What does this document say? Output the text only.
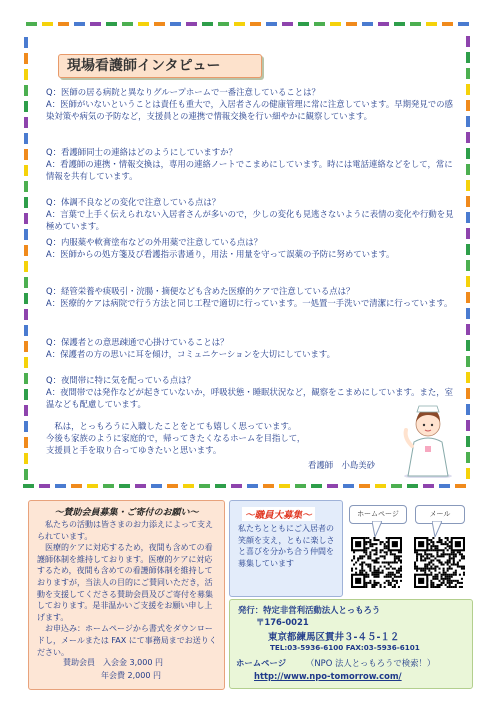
現場看護師インタピュー

Q：医師の居る病院と異なりグループホームで一番注意していることは？

A：医師がいないということは責任も重大で，入居者さんの健康管理に常に注意しています。早期発見での感染対策や病気の予防など，支援員との連携で情報交換を行い細やかに観察しています。

Q：看護師同士の連絡はどのようにしていますか？

A：看護師の連携・情報交換は，専用の連絡ノートでこまめにしています。時には電話連絡などをして，常に情報を共有しています。

Q：体調不良などの変化で注意している点は？

A：言葉で上手く伝えられない入居者さんが多いので，少しの変化も見逃さないように表情の変化や行動を見極めています。

Q：内服薬や軟膏塗布などの外用薬で注意している点は？

A：医師からの処方箋及び看護指示書通り，用法・用量を守って誤薬の予防に努めています。

Q：経管栄養や痰吸引・浣腸・摘便なども含めた医療的ケアで注意している点は？

A：医療的ケアは病院で行う方法と同じ工程で適切に行っています。一処置一手洗いで清潔に行っています。

Q：保護者との意思疎通で心掛けていることは？

A：保護者の方の思いに耳を傾け，コミュニケーションを大切にしています。

Q：夜間帯に特に気を配っている点は？

A：夜間帯では発作などが起きていないか，呼吸状態・睡眠状況など，観察をこまめにしています。また，室温なども配慮しています。

　私は，とっもろうに入職したことをとても嬉しく思っています。

今後も家族のように家庭的で，帰ってきたくなるホームを目指して，

支援員と手を取り合ってゆきたいと思います。

看護師　小島美砂
〜賛助会員募集・ご寄付のお願い〜

　私たちの活動は皆さまのお力添えによって支えられています。

　医療的ケアに対応するため，夜間も含めての看護師体制を維持しております。医療的ケアに対応するため，夜間も含めての看護師体制を維持しておりますが，当法人の目的にご賛同いただき，活動を支援してくださる賛助会員及びご寄付を募集しております。是非温かいご支援をお願い申し上げます。

　お申込み：ホームページから書式をダウンロードし，メールまたは FAX にて事務局までお送りください。

賛助会員　入会金 3,000 円
年会費 2,000 円
〜職員大募集〜
私たちとともにご入居者の笑顔を支え，ともに楽しさと喜びを分かち合う仲間を募集しています
ホームページ	メール
発行：特定非営利活動法人とっもろう
〒176-0021
東京都練馬区貫井３-４５-１２
TEL:03-5936-6100 FAX:03-5936-6101
ホームページ （NPO 法人とっもろうで検索！）
http://www.npo-tomorrow.com/
